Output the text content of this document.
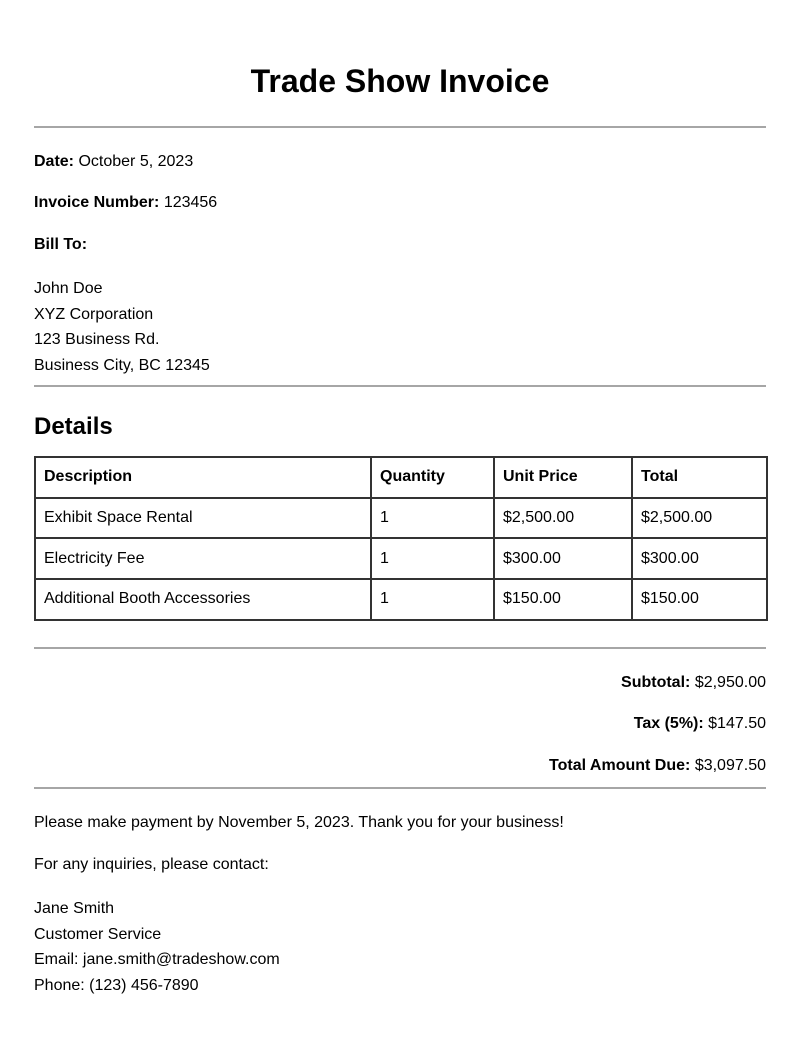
Trade Show Invoice
Date: October 5, 2023
Invoice Number: 123456
Bill To:
John Doe
XYZ Corporation
123 Business Rd.
Business City, BC 12345
Details
Description	Quantity	Unit Price	Total
Exhibit Space Rental	1	$2,500.00	$2,500.00
Electricity Fee	1	$300.00	$300.00
Additional Booth Accessories	1	$150.00	$150.00
Subtotal: $2,950.00
Tax (5%): $147.50
Total Amount Due: $3,097.50
Please make payment by November 5, 2023. Thank you for your business!
For any inquiries, please contact:
Jane Smith
Customer Service
Email: jane.smith@tradeshow.com
Phone: (123) 456-7890
